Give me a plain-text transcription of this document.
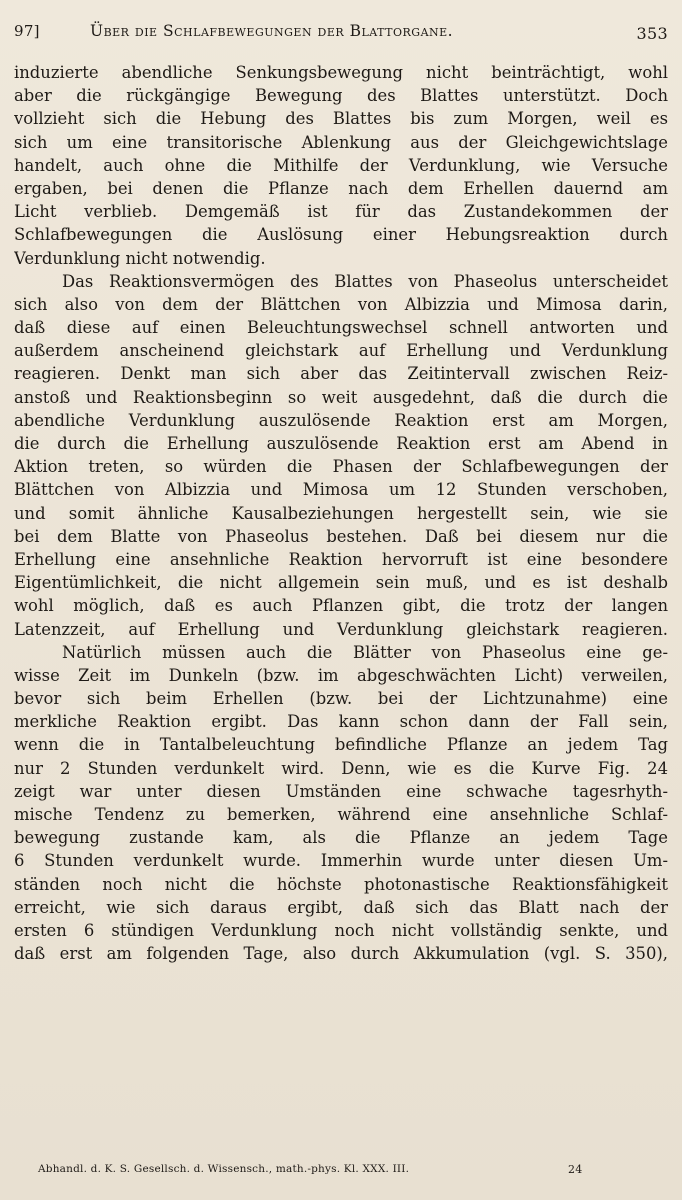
97]	Über die Schlafbewegungen der Blattorgane.	353
induzierte abendliche Senkungsbewegung nicht beinträchtigt, wohl
aber die rückgängige Bewegung des Blattes unterstützt. Doch
vollzieht sich die Hebung des Blattes bis zum Morgen, weil es
sich um eine transitorische Ablenkung aus der Gleichgewichtslage
handelt, auch ohne die Mithilfe der Verdunklung, wie Versuche
ergaben, bei denen die Pflanze nach dem Erhellen dauernd am
Licht verblieb. Demgemäß ist für das Zustandekommen der
Schlafbewegungen die Auslösung einer Hebungsreaktion durch
Verdunklung nicht notwendig.
Das Reaktionsvermögen des Blattes von Phaseolus unterscheidet
sich also von dem der Blättchen von Albizzia und Mimosa darin,
daß diese auf einen Beleuchtungswechsel schnell antworten und
außerdem anscheinend gleichstark auf Erhellung und Verdunklung
reagieren. Denkt man sich aber das Zeitintervall zwischen Reiz-
anstoß und Reaktionsbeginn so weit ausgedehnt, daß die durch die
abendliche Verdunklung auszulösende Reaktion erst am Morgen,
die durch die Erhellung auszulösende Reaktion erst am Abend in
Aktion treten, so würden die Phasen der Schlafbewegungen der
Blättchen von Albizzia und Mimosa um 12 Stunden verschoben,
und somit ähnliche Kausalbeziehungen hergestellt sein, wie sie
bei dem Blatte von Phaseolus bestehen. Daß bei diesem nur die
Erhellung eine ansehnliche Reaktion hervorruft ist eine besondere
Eigentümlichkeit, die nicht allgemein sein muß, und es ist deshalb
wohl möglich, daß es auch Pflanzen gibt, die trotz der langen
Latenzzeit, auf Erhellung und Verdunklung gleichstark reagieren.
Natürlich müssen auch die Blätter von Phaseolus eine ge-
wisse Zeit im Dunkeln (bzw. im abgeschwächten Licht) verweilen,
bevor sich beim Erhellen (bzw. bei der Lichtzunahme) eine
merkliche Reaktion ergibt. Das kann schon dann der Fall sein,
wenn die in Tantalbeleuchtung befindliche Pflanze an jedem Tag
nur 2 Stunden verdunkelt wird. Denn, wie es die Kurve Fig. 24
zeigt war unter diesen Umständen eine schwache tagesrhyth-
mische Tendenz zu bemerken, während eine ansehnliche Schlaf-
bewegung zustande kam, als die Pflanze an jedem Tage
6 Stunden verdunkelt wurde. Immerhin wurde unter diesen Um-
ständen noch nicht die höchste photonastische Reaktionsfähigkeit
erreicht, wie sich daraus ergibt, daß sich das Blatt nach der
ersten 6 stündigen Verdunklung noch nicht vollständig senkte, und
daß erst am folgenden Tage, also durch Akkumulation (vgl. S. 350),
Abhandl. d. K. S. Gesellsch. d. Wissensch., math.-phys. Kl. XXX. III.	24
